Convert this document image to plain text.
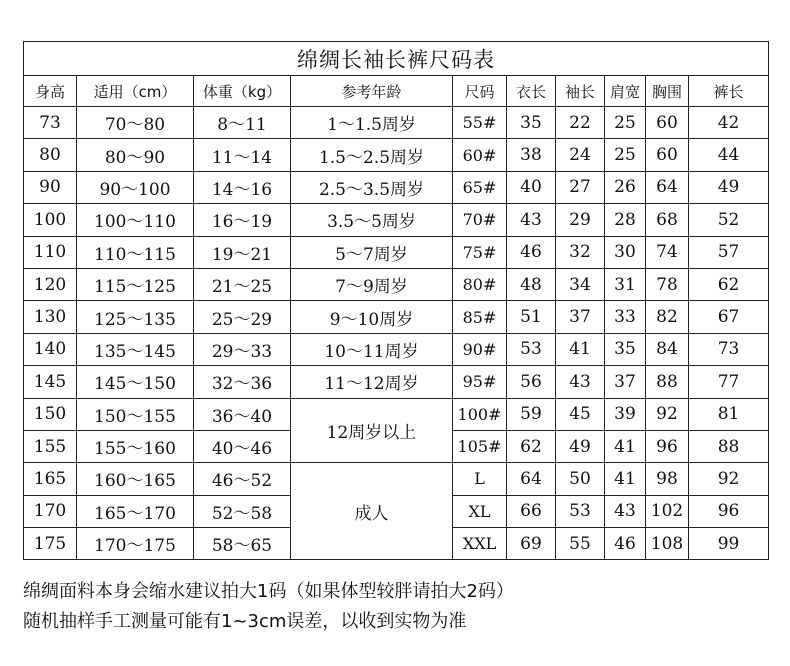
绵绸长袖长裤尺码表									
身高	适用（cm）	体重（kg）	参考年龄	尺码	衣长	袖长	肩宽	胸围	裤长
73	70～80	8～11	1～1.5周岁	55#	35	22	25	60	42
80	80～90	11～14	1.5～2.5周岁	60#	38	24	25	60	44
90	90～100	14～16	2.5～3.5周岁	65#	40	27	26	64	49
100	100～110	16～19	3.5～5周岁	70#	43	29	28	68	52
110	110～115	19～21	5～7周岁	75#	46	32	30	74	57
120	115～125	21～25	7～9周岁	80#	48	34	31	78	62
130	125～135	25～29	9～10周岁	85#	51	37	33	82	67
140	135～145	29～33	10～11周岁	90#	53	41	35	84	73
145	145～150	32～36	11～12周岁	95#	56	43	37	88	77
150	150～155	36～40	12周岁以上	100#	59	45	39	92	81
155	155～160	40～46		105#	62	49	41	96	88
165	160～165	46～52	成人	L	64	50	41	98	92
170	165～170	52～58		XL	66	53	43	102	96
175	170～175	58～65		XXL	69	55	46	108	99

绵绸面料本身会缩水建议拍大1码（如果体型较胖请拍大2码）

随机抽样手工测量可能有1~3cm误差，以收到实物为准
